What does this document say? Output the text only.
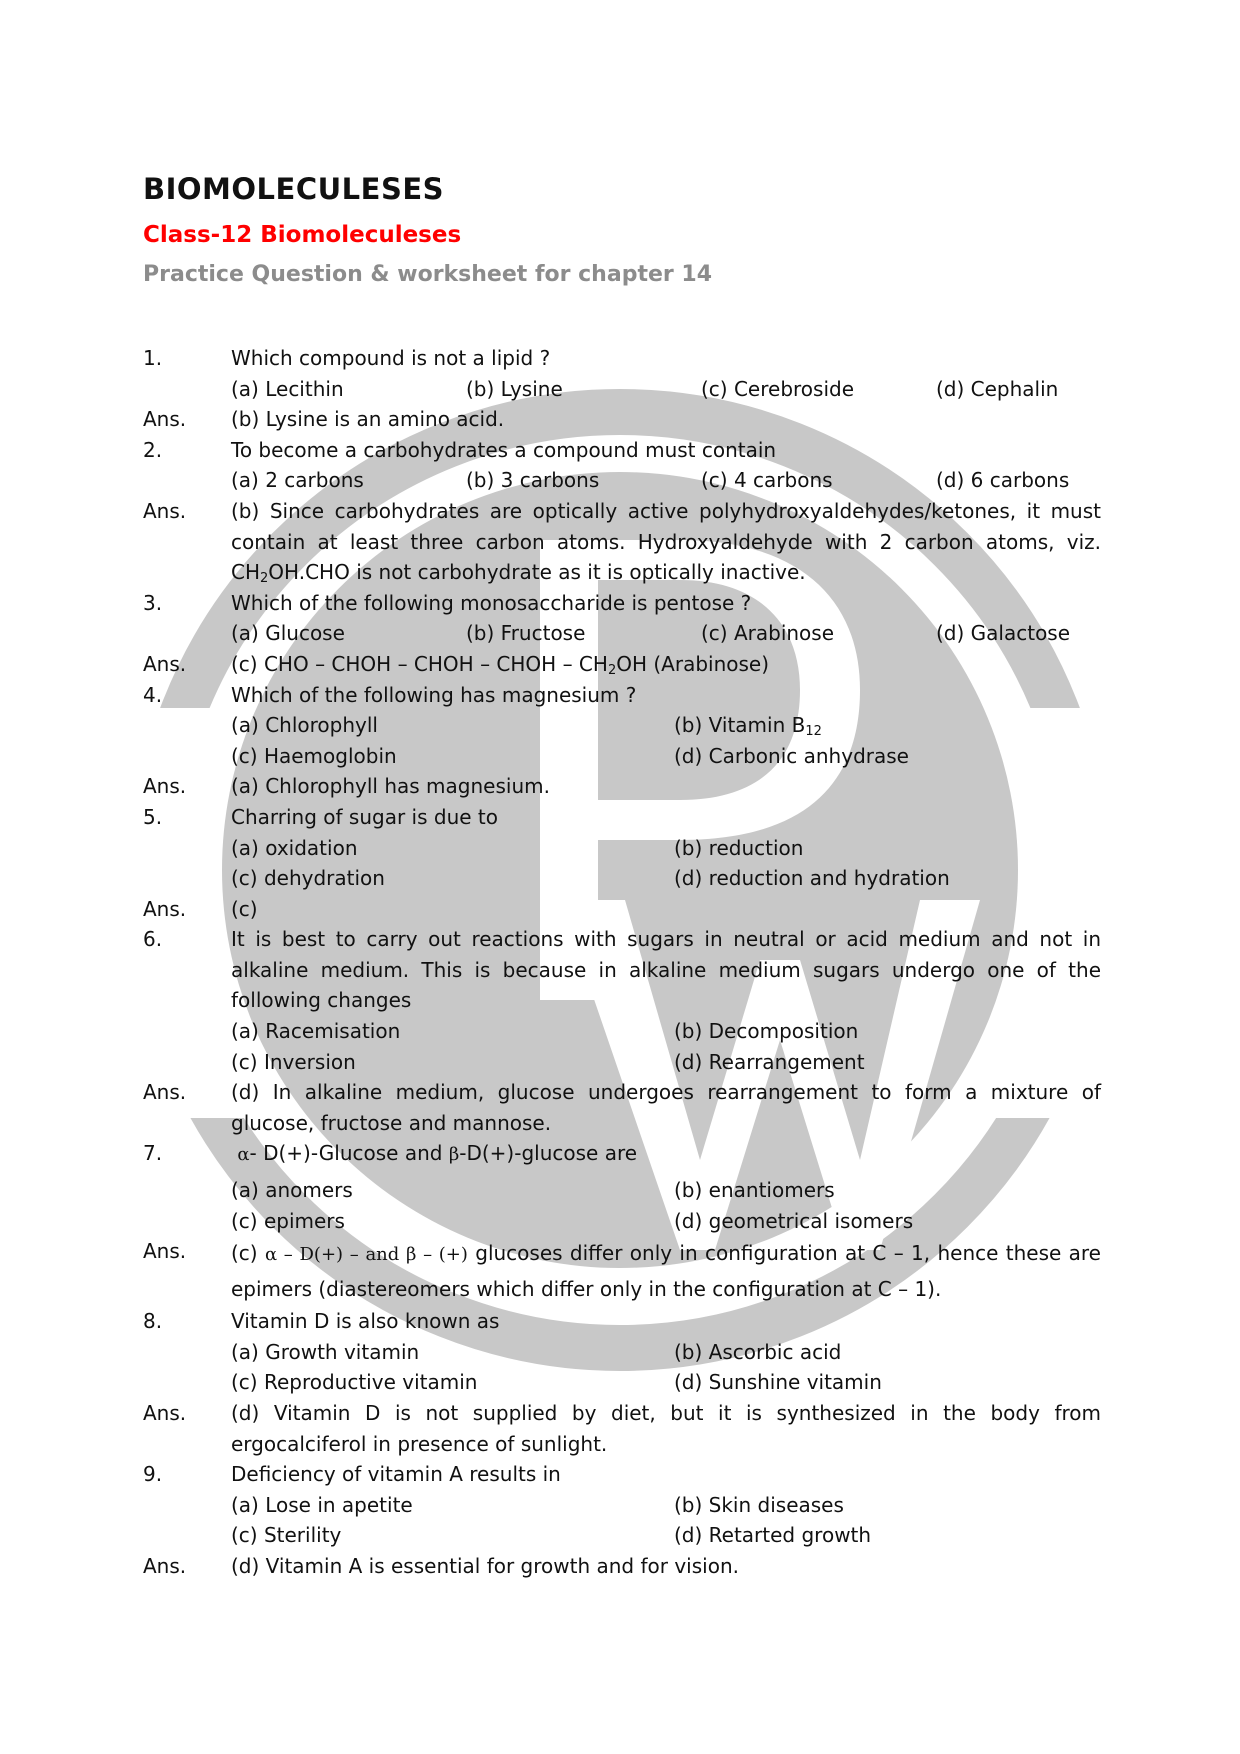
BIOMOLECULESES
Class-12 Biomoleculeses
Practice Question & worksheet for chapter 14
1.	Which compound is not a lipid ?
(a) Lecithin	(b) Lysine	(c) Cerebroside	(d) Cephalin
Ans.	(b) Lysine is an amino acid.
2.	To become a carbohydrates a compound must contain
(a) 2 carbons	(b) 3 carbons	(c) 4 carbons	(d) 6 carbons
Ans.	(b) Since carbohydrates are optically active polyhydroxyaldehydes/ketones, it must contain at least three carbon atoms. Hydroxyaldehyde with 2 carbon atoms, viz. $CH_2OH.CHO$ is not carbohydrate as it is optically inactive.
3.	Which of the following monosaccharide is pentose ?
(a) Glucose	(b) Fructose	(c) Arabinose	(d) Galactose
Ans.	(c) CHO – CHOH – CHOH – CHOH – $CH_2OH$ (Arabinose)
4.	Which of the following has magnesium ?
(a) Chlorophyll	(b) Vitamin $B_{12}$
(c) Haemoglobin	(d) Carbonic anhydrase
Ans.	(a) Chlorophyll has magnesium.
5.	Charring of sugar is due to
(a) oxidation	(b) reduction
(c) dehydration	(d) reduction and hydration
Ans.	(c)
6.	It is best to carry out reactions with sugars in neutral or acid medium and not in alkaline medium. This is because in alkaline medium sugars undergo one of the following changes
(a) Racemisation	(b) Decomposition
(c) Inversion	(d) Rearrangement
Ans.	(d) In alkaline medium, glucose undergoes rearrangement to form a mixture of glucose, fructose and mannose.
7.	α- D(+)-Glucose and β-D(+)-glucose are
(a) anomers	(b) enantiomers
(c) epimers	(d) geometrical isomers
Ans.	(c) α – D(+) – and β – (+) glucoses differ only in configuration at C – 1, hence these are epimers (diastereomers which differ only in the configuration at C – 1).
8.	Vitamin D is also known as
(a) Growth vitamin	(b) Ascorbic acid
(c) Reproductive vitamin	(d) Sunshine vitamin
Ans.	(d) Vitamin D is not supplied by diet, but it is synthesized in the body from ergocalciferol in presence of sunlight.
9.	Deficiency of vitamin A results in
(a) Lose in apetite	(b) Skin diseases
(c) Sterility	(d) Retarted growth
Ans.	(d) Vitamin A is essential for growth and for vision.
